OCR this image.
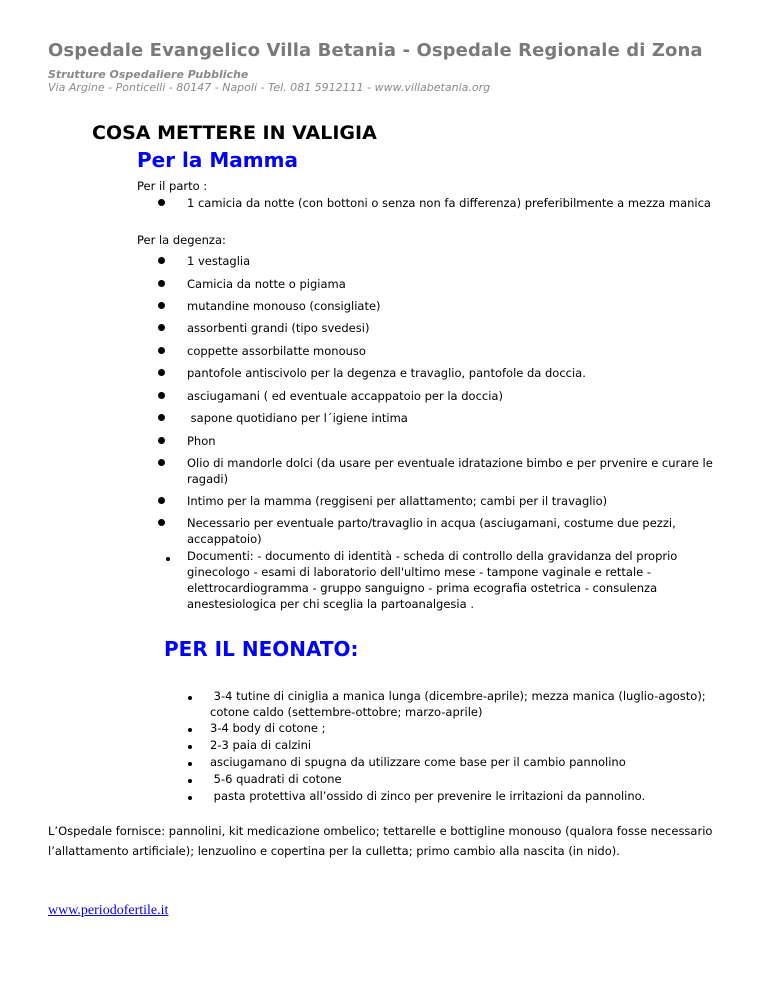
Ospedale Evangelico Villa Betania - Ospedale Regionale di Zona
Strutture Ospedaliere Pubbliche
Via Argine - Ponticelli - 80147 - Napoli - Tel. 081 5912111 - www.villabetania.org
COSA METTERE IN VALIGIA
Per la Mamma
Per il parto :
1 camicia da notte (con bottoni o senza non fa differenza) preferibilmente a mezza manica
Per la degenza:
1 vestaglia
Camicia da notte o pigiama
mutandine monouso (consigliate)
assorbenti grandi (tipo svedesi)
coppette assorbilatte monouso
pantofole antiscivolo per la degenza e travaglio, pantofole da doccia.
asciugamani ( ed eventuale accappatoio per la doccia)
sapone quotidiano per l´igiene intima
Phon
Olio di mandorle dolci (da usare per eventuale idratazione bimbo e per prvenire e curare le ragadi)
Intimo per la mamma (reggiseni per allattamento; cambi per il travaglio)
Necessario per eventuale parto/travaglio in acqua (asciugamani, costume due pezzi, accappatoio)
Documenti: - documento di identità - scheda di controllo della gravidanza del proprio ginecologo - esami di laboratorio dell'ultimo mese - tampone vaginale e rettale - elettrocardiogramma - gruppo sanguigno - prima ecografia ostetrica - consulenza anestesiologica per chi sceglia la partoanalgesia .
PER IL NEONATO:
3-4 tutine di ciniglia a manica lunga (dicembre-aprile); mezza manica (luglio-agosto); cotone caldo (settembre-ottobre; marzo-aprile)
3-4 body di cotone ;
2-3 paia di calzini
asciugamano di spugna da utilizzare come base per il cambio pannolino
5-6 quadrati di cotone
pasta protettiva all’ossido di zinco per prevenire le irritazioni da pannolino.
L’Ospedale fornisce: pannolini, kit medicazione ombelico; tettarelle e bottigline monouso (qualora fosse necessario l’allattamento artificiale); lenzuolino e copertina per la culletta; primo cambio alla nascita (in nido).
www.periodofertile.it
